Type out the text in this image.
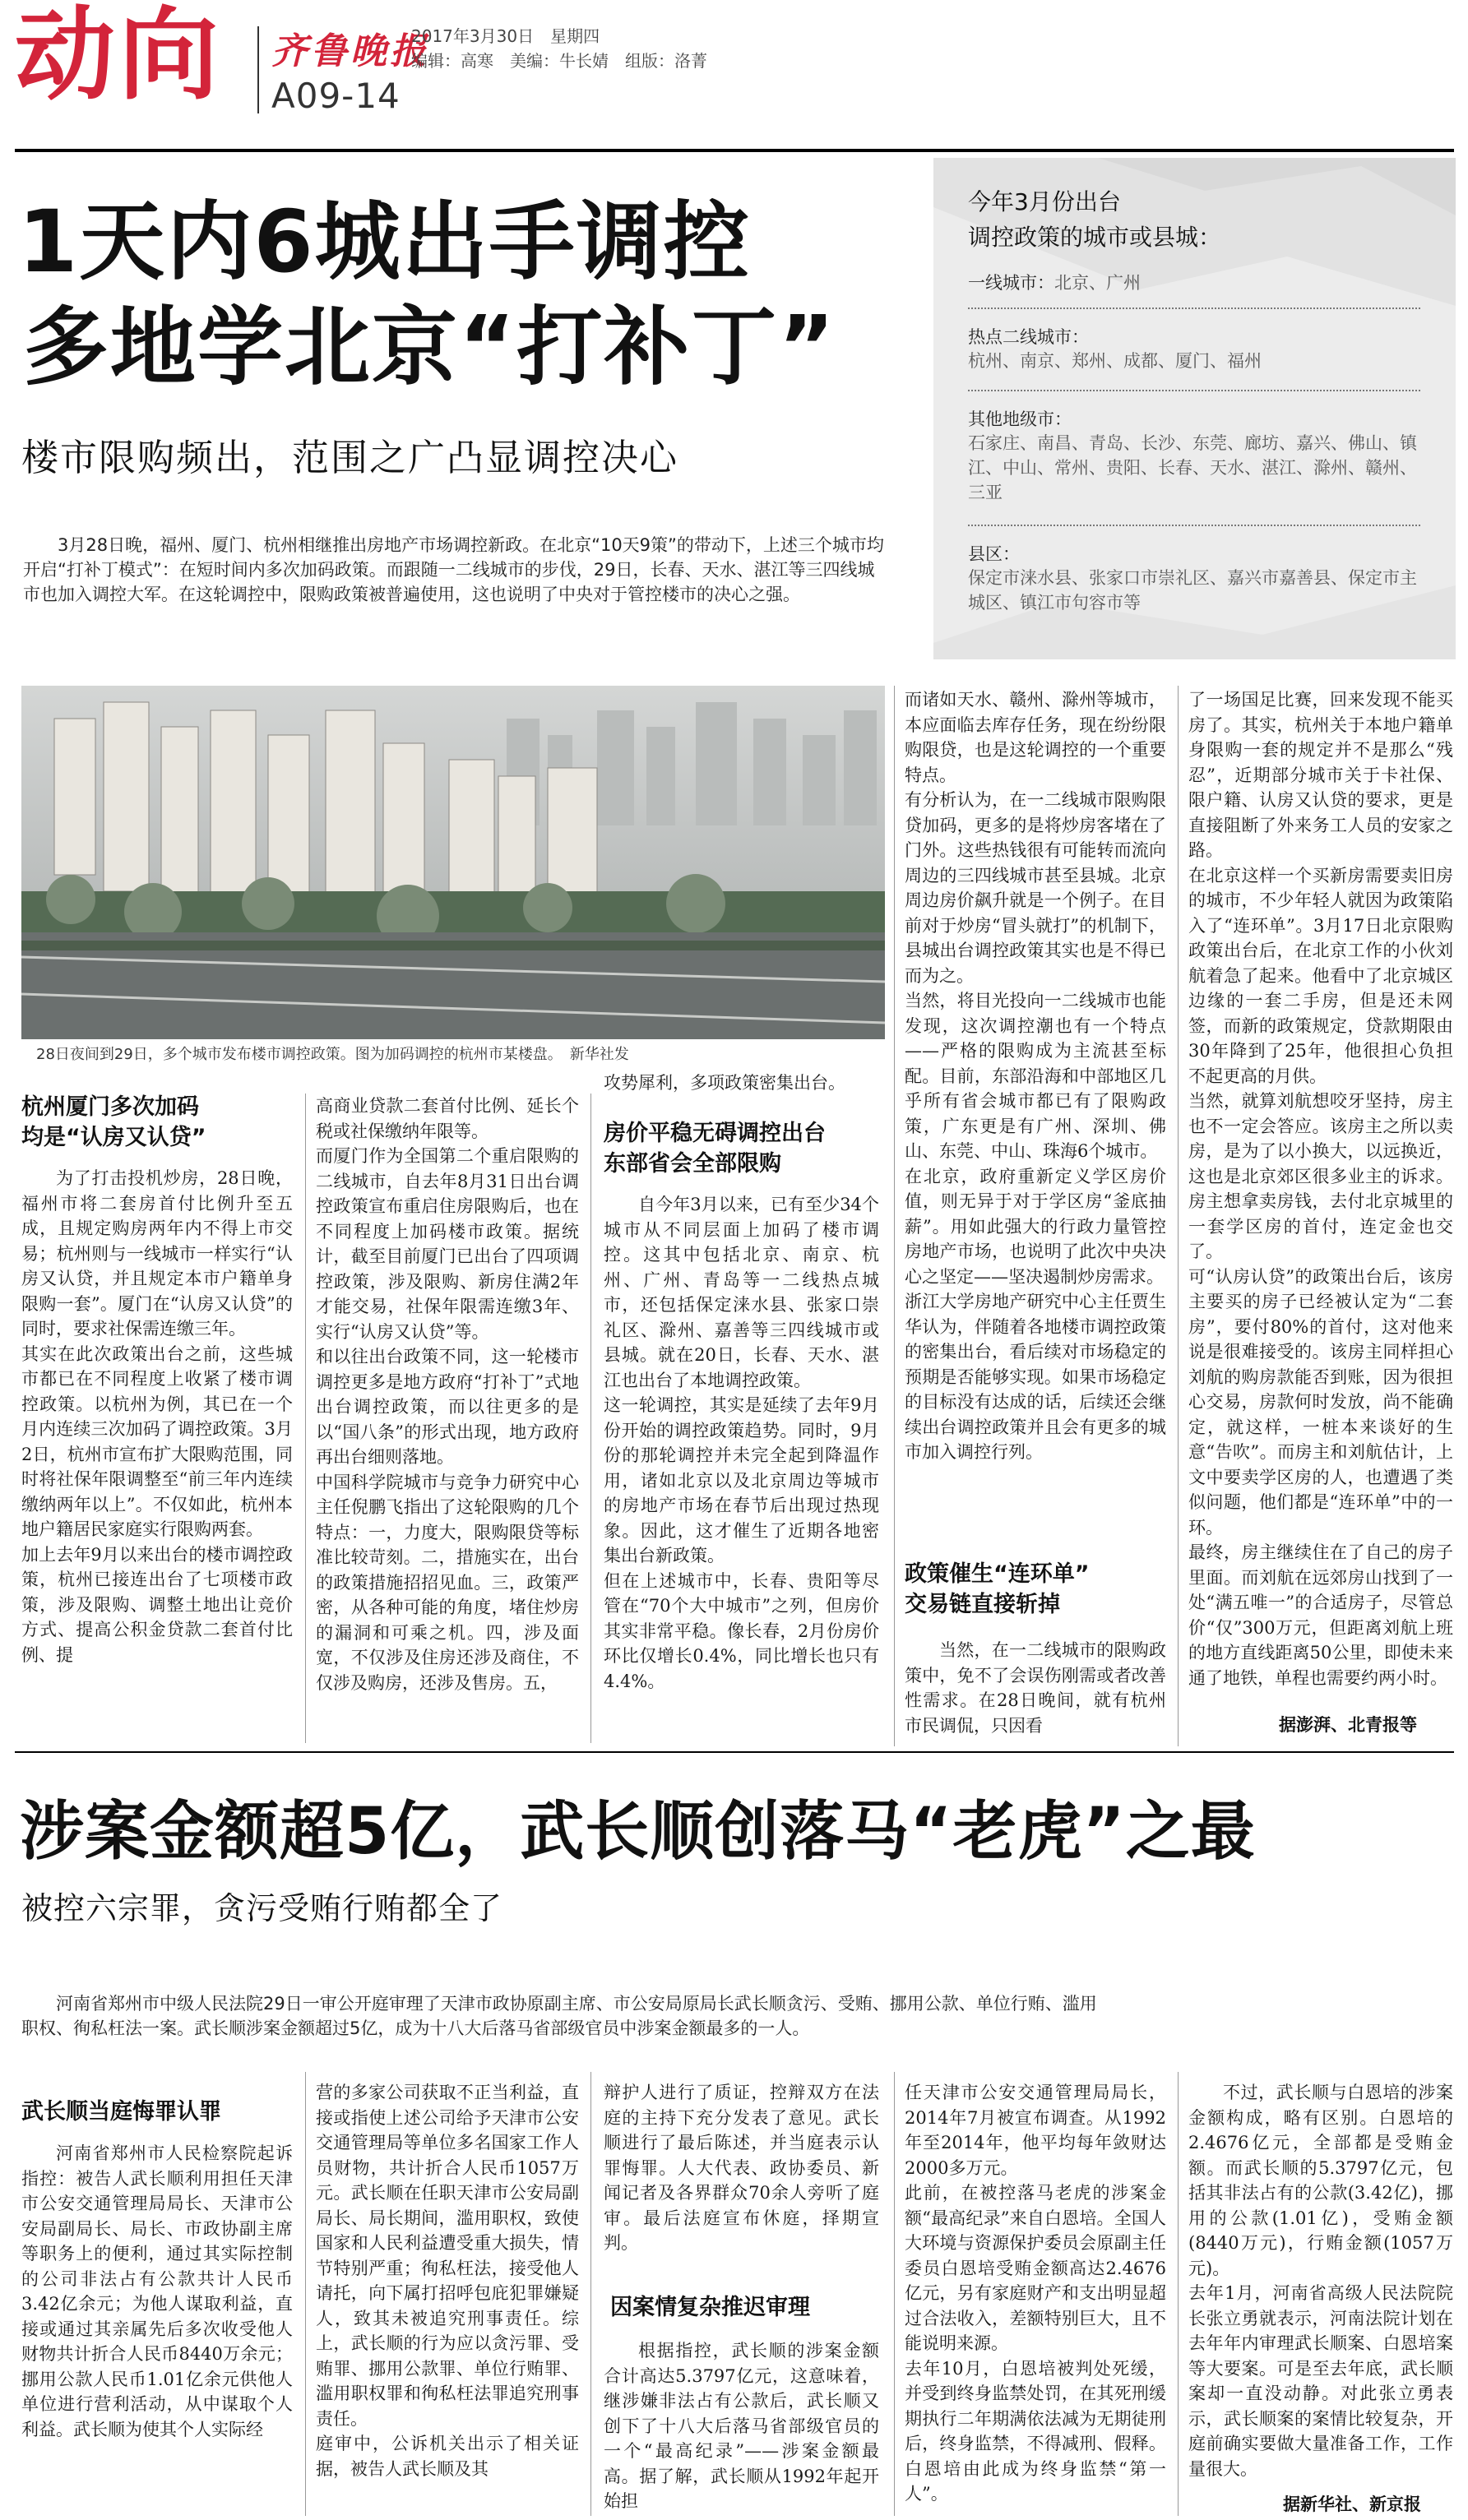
动向 齐鲁晚报
2017年3月30日　星期四
编辑：高寒　美编：牛长婧　组版：洛菁
A09-14
1天内6城出手调控
多地学北京“打补丁”
楼市限购频出，范围之广凸显调控决心
3月28日晚，福州、厦门、杭州相继推出房地产市场调控新政。在北京“10天9策”的带动下，上述三个城市均开启“打补丁模式”：在短时间内多次加码政策。而跟随一二线城市的步伐，29日，长春、天水、湛江等三四线城市也加入调控大军。在这轮调控中，限购政策被普遍使用，这也说明了中央对于管控楼市的决心之强。
今年3月份出台
调控政策的城市或县城：
一线城市：北京、广州
热点二线城市：
杭州、南京、郑州、成都、厦门、福州
其他地级市：
石家庄、南昌、青岛、长沙、东莞、廊坊、嘉兴、佛山、镇江、中山、常州、贵阳、长春、天水、湛江、滁州、赣州、三亚
县区：
保定市涞水县、张家口市崇礼区、嘉兴市嘉善县、保定市主城区、镇江市句容市等
28日夜间到29日，多个城市发布楼市调控政策。图为加码调控的杭州市某楼盘。　新华社发
杭州厦门多次加码
均是“认房又认贷”

为了打击投机炒房，28日晚，福州市将二套房首付比例升至五成，且规定购房两年内不得上市交易；杭州则与一线城市一样实行“认房又认贷，并且规定本市户籍单身限购一套”。厦门在“认房又认贷”的同时，要求社保需连缴三年。
其实在此次政策出台之前，这些城市都已在不同程度上收紧了楼市调控政策。以杭州为例，其已在一个月内连续三次加码了调控政策。3月2日，杭州市宣布扩大限购范围，同时将社保年限调整至“前三年内连续缴纳两年以上”。不仅如此，杭州本地户籍居民家庭实行限购两套。
加上去年9月以来出台的楼市调控政策，杭州已接连出台了七项楼市政策，涉及限购、调整土地出让竞价方式、提高公积金贷款二套首付比例、提

高商业贷款二套首付比例、延长个税或社保缴纳年限等。
而厦门作为全国第二个重启限购的二线城市，自去年8月31日出台调控政策宣布重启住房限购后，也在不同程度上加码楼市政策。据统计，截至目前厦门已出台了四项调控政策，涉及限购、新房住满2年才能交易，社保年限需连缴3年、实行“认房又认贷”等。
和以往出台政策不同，这一轮楼市调控更多是地方政府“打补丁”式地出台调控政策，而以往更多的是以“国八条”的形式出现，地方政府再出台细则落地。
中国科学院城市与竞争力研究中心主任倪鹏飞指出了这轮限购的几个特点：一，力度大，限购限贷等标准比较苛刻。二，措施实在，出台的政策措施招招见血。三，政策严密，从各种可能的角度，堵住炒房的漏洞和可乘之机。四，涉及面宽，不仅涉及住房还涉及商住，不仅涉及购房，还涉及售房。五，

攻势犀利，多项政策密集出台。

房价平稳无碍调控出台
东部省会全部限购

自今年3月以来，已有至少34个城市从不同层面上加码了楼市调控。这其中包括北京、南京、杭州、广州、青岛等一二线热点城市，还包括保定涞水县、张家口崇礼区、滁州、嘉善等三四线城市或县城。就在20日，长春、天水、湛江也出台了本地调控政策。
这一轮调控，其实是延续了去年9月份开始的调控政策趋势。同时，9月份的那轮调控并未完全起到降温作用，诸如北京以及北京周边等城市的房地产市场在春节后出现过热现象。因此，这才催生了近期各地密集出台新政策。
但在上述城市中，长春、贵阳等尽管在“70个大中城市”之列，但房价其实非常平稳。像长春，2月份房价环比仅增长0.4%，同比增长也只有4.4%。

而诸如天水、赣州、滁州等城市，本应面临去库存任务，现在纷纷限购限贷，也是这轮调控的一个重要特点。
有分析认为，在一二线城市限购限贷加码，更多的是将炒房客堵在了门外。这些热钱很有可能转而流向周边的三四线城市甚至县城。北京周边房价飙升就是一个例子。在目前对于炒房“冒头就打”的机制下，县城出台调控政策其实也是不得已而为之。
当然，将目光投向一二线城市也能发现，这次调控潮也有一个特点——严格的限购成为主流甚至标配。目前，东部沿海和中部地区几乎所有省会城市都已有了限购政策，广东更是有广州、深圳、佛山、东莞、中山、珠海6个城市。
在北京，政府重新定义学区房价值，则无异于对于学区房“釜底抽薪”。用如此强大的行政力量管控房地产市场，也说明了此次中央决心之坚定——坚决遏制炒房需求。
浙江大学房地产研究中心主任贾生华认为，伴随着各地楼市调控政策的密集出台，看后续对市场稳定的预期是否能够实现。如果市场稳定的目标没有达成的话，后续还会继续出台调控政策并且会有更多的城市加入调控行列。

政策催生“连环单”
交易链直接斩掉

当然，在一二线城市的限购政策中，免不了会误伤刚需或者改善性需求。在28日晚间，就有杭州市民调侃，只因看

了一场国足比赛，回来发现不能买房了。其实，杭州关于本地户籍单身限购一套的规定并不是那么“残忍”，近期部分城市关于卡社保、限户籍、认房又认贷的要求，更是直接阻断了外来务工人员的安家之路。
在北京这样一个买新房需要卖旧房的城市，不少年轻人就因为政策陷入了“连环单”。3月17日北京限购政策出台后，在北京工作的小伙刘航着急了起来。他看中了北京城区边缘的一套二手房，但是还未网签，而新的政策规定，贷款期限由30年降到了25年，他很担心负担不起更高的月供。
当然，就算刘航想咬牙坚持，房主也不一定会答应。该房主之所以卖房，是为了以小换大，以远换近，这也是北京郊区很多业主的诉求。房主想拿卖房钱，去付北京城里的一套学区房的首付，连定金也交了。
可“认房认贷”的政策出台后，该房主要买的房子已经被认定为“二套房”，要付80%的首付，这对他来说是很难接受的。该房主同样担心刘航的购房款能否到账，因为很担心交易，房款何时发放，尚不能确定，就这样，一桩本来谈好的生意“告吹”。而房主和刘航估计，上文中要卖学区房的人，也遭遇了类似问题，他们都是“连环单”中的一环。
最终，房主继续住在了自己的房子里面。而刘航在远郊房山找到了一处“满五唯一”的合适房子，尽管总价“仅”300万元，但距离刘航上班的地方直线距离50公里，即使未来通了地铁，单程也需要约两小时。

据澎湃、北青报等
涉案金额超5亿，武长顺创落马“老虎”之最
被控六宗罪，贪污受贿行贿都全了
河南省郑州市中级人民法院29日一审公开庭审理了天津市政协原副主席、市公安局原局长武长顺贪污、受贿、挪用公款、单位行贿、滥用职权、徇私枉法一案。武长顺涉案金额超过5亿，成为十八大后落马省部级官员中涉案金额最多的一人。
武长顺当庭悔罪认罪

河南省郑州市人民检察院起诉指控：被告人武长顺利用担任天津市公安交通管理局局长、天津市公安局副局长、局长、市政协副主席等职务上的便利，通过其实际控制的公司非法占有公款共计人民币3.42亿余元；为他人谋取利益，直接或通过其亲属先后多次收受他人财物共计折合人民币8440万余元；挪用公款人民币1.01亿余元供他人单位进行营利活动，从中谋取个人利益。武长顺为使其个人实际经

营的多家公司获取不正当利益，直接或指使上述公司给予天津市公安交通管理局等单位多名国家工作人员财物，共计折合人民币1057万元。武长顺在任职天津市公安局副局长、局长期间，滥用职权，致使国家和人民利益遭受重大损失，情节特别严重；徇私枉法，接受他人请托，向下属打招呼包庇犯罪嫌疑人，致其未被追究刑事责任。综上，武长顺的行为应以贪污罪、受贿罪、挪用公款罪、单位行贿罪、滥用职权罪和徇私枉法罪追究刑事责任。
庭审中，公诉机关出示了相关证据，被告人武长顺及其

辩护人进行了质证，控辩双方在法庭的主持下充分发表了意见。武长顺进行了最后陈述，并当庭表示认罪悔罪。人大代表、政协委员、新闻记者及各界群众70余人旁听了庭审。最后法庭宣布休庭，择期宣判。

因案情复杂推迟审理

根据指控，武长顺的涉案金额合计高达5.3797亿元，这意味着，继涉嫌非法占有公款后，武长顺又创下了十八大后落马省部级官员的一个“最高纪录”——涉案金额最高。据了解，武长顺从1992年起开始担

任天津市公安交通管理局局长，2014年7月被宣布调查。从1992年至2014年，他平均每年敛财达2000多万元。
此前，在被控落马老虎的涉案金额“最高纪录”来自白恩培。全国人大环境与资源保护委员会原副主任委员白恩培受贿金额高达2.4676亿元，另有家庭财产和支出明显超过合法收入，差额特别巨大，且不能说明来源。
去年10月，白恩培被判处死缓，并受到终身监禁处罚，在其死刑缓期执行二年期满依法减为无期徒刑后，终身监禁，不得减刑、假释。白恩培由此成为终身监禁“第一人”。

不过，武长顺与白恩培的涉案金额构成，略有区别。白恩培的2.4676亿元，全部都是受贿金额。而武长顺的5.3797亿元，包括其非法占有的公款(3.42亿)，挪用的公款(1.01亿)，受贿金额(8440万元)，行贿金额(1057万元)。
去年1月，河南省高级人民法院院长张立勇就表示，河南法院计划在去年年内审理武长顺案、白恩培案等大要案。可是至去年底，武长顺案却一直没动静。对此张立勇表示，武长顺案的案情比较复杂，开庭前确实要做大量准备工作，工作量很大。

据新华社、新京报
